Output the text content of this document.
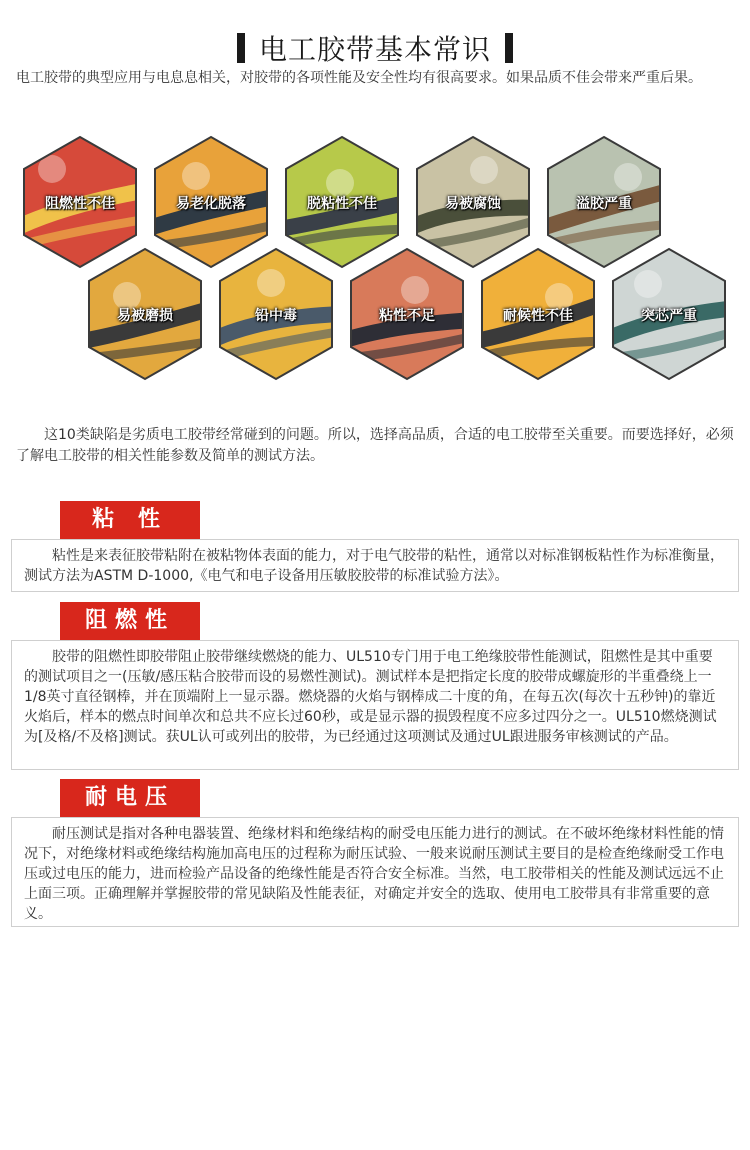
电工胶带基本常识
电工胶带的典型应用与电息息相关，对胶带的各项性能及安全性均有很高要求。如果品质不佳会带来严重后果。
阻燃性不佳	易老化脱落	脱粘性不佳	易被腐蚀	溢胶严重
易被磨损	铅中毒	粘性不足	耐候性不佳	突芯严重
这10类缺陷是劣质电工胶带经常碰到的问题。所以，选择高品质，合适的电工胶带至关重要。而要选择好，必须了解电工胶带的相关性能参数及简单的测试方法。
粘 性
粘性是来表征胶带粘附在被粘物体表面的能力，对于电气胶带的粘性，通常以对标准钢板粘性作为标准衡量，测试方法为ASTM D-1000,《电气和电子设备用压敏胶胶带的标准试验方法》。
阻燃性
胶带的阻燃性即胶带阻止胶带继续燃烧的能力、UL510专门用于电工绝缘胶带性能测试，阻燃性是其中重要的测试项目之一(压敏/感压粘合胶带而设的易燃性测试)。测试样本是把指定长度的胶带成螺旋形的半重叠绕上一1/8英寸直径钢棒，并在顶端附上一显示器。燃烧器的火焰与钢棒成二十度的角，在每五次(每次十五秒钟)的靠近火焰后，样本的燃点时间单次和总共不应长过60秒，或是显示器的损毁程度不应多过四分之一。UL510燃烧测试为[及格/不及格]测试。获UL认可或列出的胶带，为已经通过这项测试及通过UL跟进服务审核测试的产品。
耐电压
耐压测试是指对各种电器装置、绝缘材料和绝缘结构的耐受电压能力进行的测试。在不破坏绝缘材料性能的情况下，对绝缘材料或绝缘结构施加高电压的过程称为耐压试验、一般来说耐压测试主要目的是检查绝缘耐受工作电压或过电压的能力，进而检验产品设备的绝缘性能是否符合安全标准。当然，电工胶带相关的性能及测试远远不止上面三项。正确理解并掌握胶带的常见缺陷及性能表征，对确定并安全的选取、使用电工胶带具有非常重要的意义。
